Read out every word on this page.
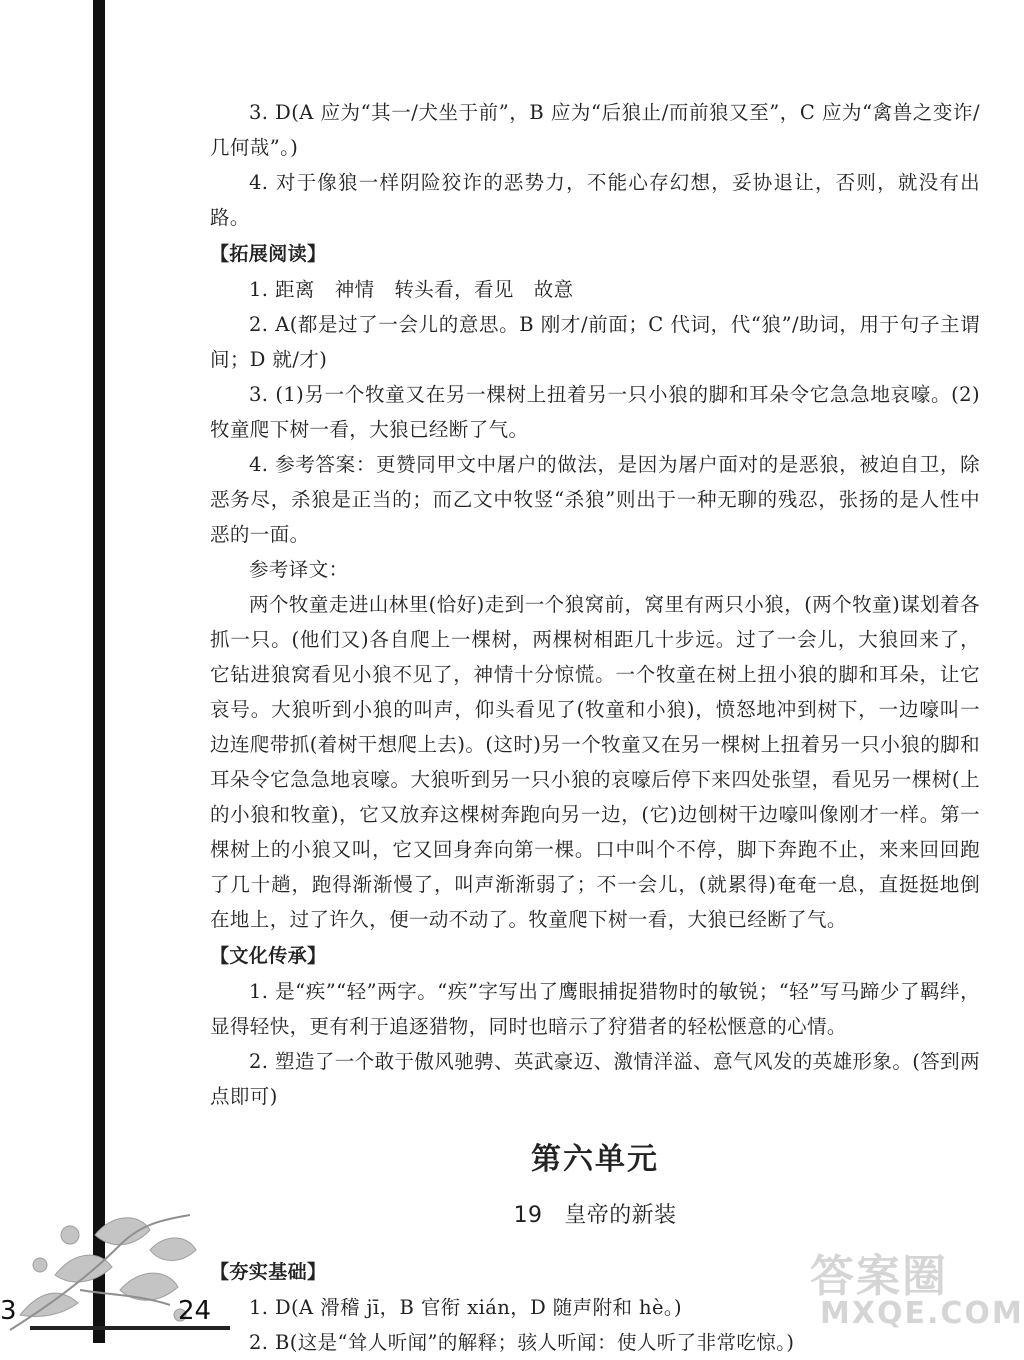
3. D(A 应为“其一/犬坐于前”，B 应为“后狼止/而前狼又至”，C 应为“禽兽之变诈/几何哉”。)

4. 对于像狼一样阴险狡诈的恶势力，不能心存幻想，妥协退让，否则，就没有出路。

【拓展阅读】

1. 距离　神情　转头看，看见　故意

2. A(都是过了一会儿的意思。B 刚才/前面；C 代词，代“狼”/助词，用于句子主谓间；D 就/才)

3. (1)另一个牧童又在另一棵树上扭着另一只小狼的脚和耳朵令它急急地哀嚎。(2)牧童爬下树一看，大狼已经断了气。

4. 参考答案：更赞同甲文中屠户的做法，是因为屠户面对的是恶狼，被迫自卫，除恶务尽，杀狼是正当的；而乙文中牧竖“杀狼”则出于一种无聊的残忍，张扬的是人性中恶的一面。

参考译文：

两个牧童走进山林里(恰好)走到一个狼窝前，窝里有两只小狼，(两个牧童)谋划着各抓一只。(他们又)各自爬上一棵树，两棵树相距几十步远。过了一会儿，大狼回来了，它钻进狼窝看见小狼不见了，神情十分惊慌。一个牧童在树上扭小狼的脚和耳朵，让它哀号。大狼听到小狼的叫声，仰头看见了(牧童和小狼)，愤怒地冲到树下，一边嚎叫一边连爬带抓(着树干想爬上去)。(这时)另一个牧童又在另一棵树上扭着另一只小狼的脚和耳朵令它急急地哀嚎。大狼听到另一只小狼的哀嚎后停下来四处张望，看见另一棵树(上的小狼和牧童)，它又放弃这棵树奔跑向另一边，(它)边刨树干边嚎叫像刚才一样。第一棵树上的小狼又叫，它又回身奔向第一棵。口中叫个不停，脚下奔跑不止，来来回回跑了几十趟，跑得渐渐慢了，叫声渐渐弱了；不一会儿，(就累得)奄奄一息，直挺挺地倒在地上，过了许久，便一动不动了。牧童爬下树一看，大狼已经断了气。

【文化传承】

1. 是“疾”“轻”两字。“疾”字写出了鹰眼捕捉猎物时的敏锐；“轻”写马蹄少了羁绊，显得轻快，更有利于追逐猎物，同时也暗示了狩猎者的轻松惬意的心情。

2. 塑造了一个敢于傲风驰骋、英武豪迈、激情洋溢、意气风发的英雄形象。(答到两点即可)

第六单元

19 皇帝的新装

【夯实基础】

1. D(A 滑稽 jī，B 官衔 xián，D 随声附和 hè。)

2. B(这是“耸人听闻”的解释；骇人听闻：使人听了非常吃惊。)

3	24
答案圈
MXQE.COM
